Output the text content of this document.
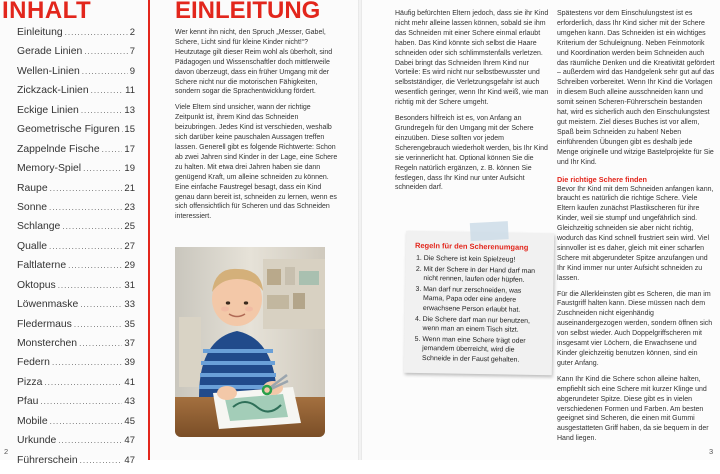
INHALT
Einleitung .....	2
Gerade Linien .....	7
Wellen-Linien .....	9
Zickzack-Linien .....	11
Eckige Linien .....	13
Geometrische Figuren ..... 15
Zappelnde Fische .....	17
Memory-Spiel .....	19
Raupe .....	21
Sonne .....	23
Schlange .....	25
Qualle .....	27
Faltlaterne .....	29
Oktopus .....	31
Löwenmaske .....	33
Fledermaus .....	35
Monsterchen .....	37
Federn .....	39
Pizza .....	41
Pfau .....	43
Mobile .....	45
Urkunde .....	47
Führerschein .....	47
EINLEITUNG

Wer kennt ihn nicht, den Spruch „Messer, Gabel, Schere, Licht sind für kleine Kinder nicht!“? Heutzutage gilt dieser Reim wohl als überholt, sind Pädagogen und Wissenschaftler doch mittlerweile davon überzeugt, dass ein früher Umgang mit der Schere nicht nur die motorischen Fähigkeiten, sondern sogar die Sprachentwicklung fördert.

Viele Eltern sind unsicher, wann der richtige Zeitpunkt ist, ihrem Kind das Schneiden beizubringen. Jedes Kind ist verschieden, weshalb sich darüber keine pauschalen Aussagen treffen lassen. Generell gibt es folgende Richtwerte: Schon ab zwei Jahren sind Kinder in der Lage, eine Schere zu halten. Mit etwa drei Jahren haben sie dann genügend Kraft, um alleine schneiden zu können. Eine einfache Faustregel besagt, dass ein Kind genau dann bereit ist, schneiden zu lernen, wenn es sich offensichtlich für Scheren und das Schneiden interessiert.

Häufig befürchten Eltern jedoch, dass sie ihr Kind nicht mehr alleine lassen können, sobald sie ihm das Schneiden mit einer Schere einmal erlaubt haben. Das Kind könnte sich selbst die Haare schneiden oder sich schlimmstenfalls verletzen. Dabei bringt das Schneiden Ihrem Kind nur Vorteile: Es wird nicht nur selbstbewusster und selbstständiger, die Verletzungsgefahr ist auch wesentlich geringer, wenn Ihr Kind weiß, wie man richtig mit der Schere umgeht.

Besonders hilfreich ist es, von Anfang an Grundregeln für den Umgang mit der Schere einzuüben. Diese sollten vor jedem Scherengebrauch wiederholt werden, bis Ihr Kind sie verinnerlicht hat. Optional können Sie die Regeln natürlich ergänzen, z. B. können Sie festlegen, dass Ihr Kind nur unter Aufsicht schneiden darf.

Regeln für den Scherenumgang

1. Die Schere ist kein Spielzeug!
2. Mit der Schere in der Hand darf man nicht rennen, laufen oder hüpfen.
3. Man darf nur zerschneiden, was Mama, Papa oder eine andere erwachsene Person erlaubt hat.
4. Die Schere darf man nur benutzen, wenn man an einem Tisch sitzt.
5. Wenn man eine Schere trägt oder jemandem überreicht, wird die Schneide in der Faust gehalten.

Spätestens vor dem Einschulungstest ist es erforderlich, dass Ihr Kind sicher mit der Schere umgehen kann. Das Schneiden ist ein wichtiges Kriterium der Schuleignung. Neben Feinmotorik und Koordination werden beim Schneiden auch das räumliche Denken und die Kreativität gefördert – außerdem wird das Handgelenk sehr gut auf das Schreiben vorbereitet. Wenn Ihr Kind die Vorlagen in diesem Buch alleine ausschneiden kann und somit seinen Scheren-Führerschein bestanden hat, wird es sicherlich auch den Einschulungstest gut meistern. Ziel dieses Buches ist vor allem, Spaß beim Schneiden zu haben! Neben einführenden Übungen gibt es deshalb jede Menge originelle und witzige Bastelprojekte für Sie und Ihr Kind.

Die richtige Schere finden

Bevor Ihr Kind mit dem Schneiden anfangen kann, braucht es natürlich die richtige Schere. Viele Eltern kaufen zunächst Plastikscheren für ihre Kinder, weil sie stumpf und ungefährlich sind. Gleichzeitig schneiden sie aber nicht richtig, wodurch das Kind schnell frustriert sein wird. Viel sinnvoller ist es daher, gleich mit einer scharfen Schere mit abgerundeter Spitze anzufangen und Ihr Kind immer nur unter Aufsicht schneiden zu lassen.

Für die Allerkleinsten gibt es Scheren, die man im Faustgriff halten kann. Diese müssen nach dem Zuschneiden nicht eigenhändig auseinandergezogen werden, sondern öffnen sich von selbst wieder. Auch Doppelgriffscheren mit insgesamt vier Löchern, die Erwachsene und Kinder gleichzeitig benutzen können, sind ein guter Anfang.

Kann Ihr Kind die Schere schon alleine halten, empfiehlt sich eine Schere mit kurzer Klinge und abgerundeter Spitze. Diese gibt es in vielen verschiedenen Formen und Farben. Am besten geeignet sind Scheren, die einen mit Gummi ausgestatteten Griff haben, da sie bequem in der Hand liegen.

2	3
